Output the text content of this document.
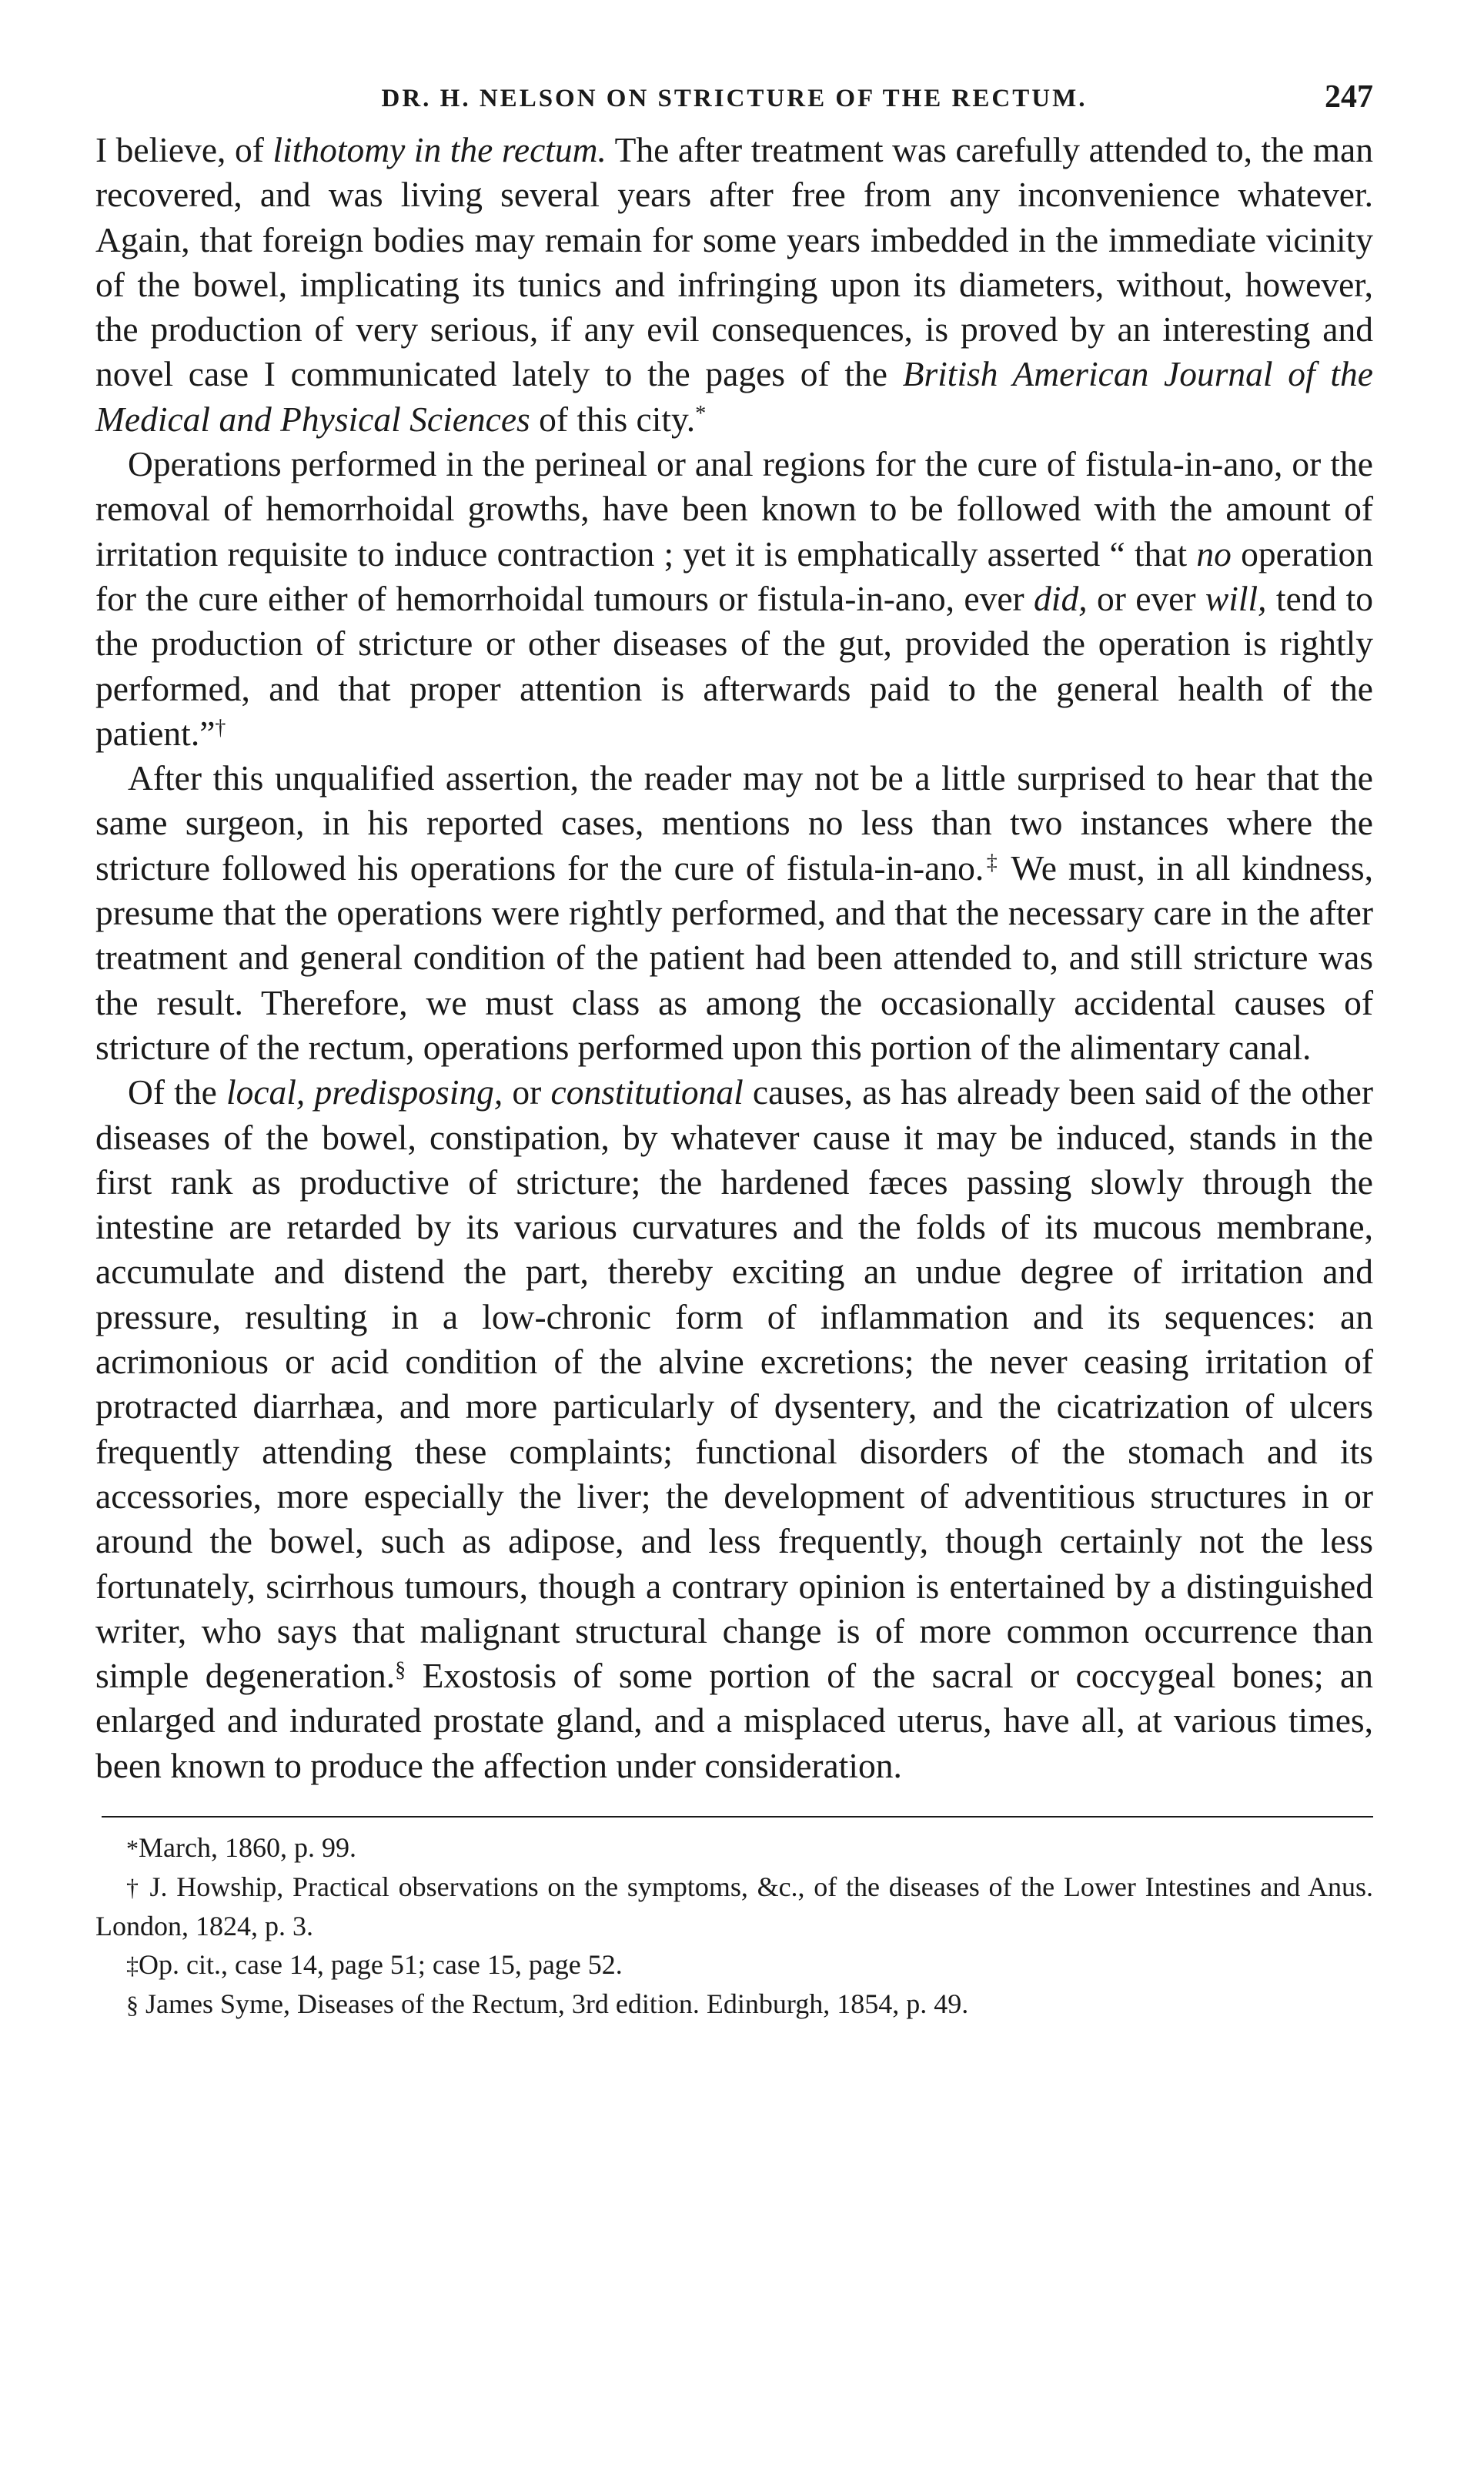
DR. H. NELSON ON STRICTURE OF THE RECTUM.	247

I believe, of lithotomy in the rectum. The after treatment was carefully attended to, the man recovered, and was living several years after free from any inconvenience whatever. Again, that foreign bodies may remain for some years imbedded in the immediate vicinity of the bowel, implicating its tunics and infringing upon its diameters, without, however, the production of very serious, if any evil consequences, is proved by an interesting and novel case I communicated lately to the pages of the British American Journal of the Medical and Physical Sciences of this city.*

Operations performed in the perineal or anal regions for the cure of fistula-in-ano, or the removal of hemorrhoidal growths, have been known to be followed with the amount of irritation requisite to induce contraction ; yet it is emphatically asserted “ that no operation for the cure either of hemorrhoidal tumours or fistula-in-ano, ever did, or ever will, tend to the production of stricture or other diseases of the gut, provided the operation is rightly performed, and that proper attention is afterwards paid to the general health of the patient.”†

After this unqualified assertion, the reader may not be a little surprised to hear that the same surgeon, in his reported cases, mentions no less than two instances where the stricture followed his operations for the cure of fistula-in-ano.‡ We must, in all kindness, presume that the operations were rightly performed, and that the necessary care in the after treatment and general condition of the patient had been attended to, and still stricture was the result. Therefore, we must class as among the occasionally accidental causes of stricture of the rectum, operations performed upon this portion of the alimentary canal.

Of the local, predisposing, or constitutional causes, as has already been said of the other diseases of the bowel, constipation, by whatever cause it may be induced, stands in the first rank as productive of stricture; the hardened fæces passing slowly through the intestine are retarded by its various curvatures and the folds of its mucous membrane, accumulate and distend the part, thereby exciting an undue degree of irritation and pressure, resulting in a low-chronic form of inflammation and its sequences: an acrimonious or acid condition of the alvine excretions; the never ceasing irritation of protracted diarrhæa, and more particularly of dysentery, and the cicatrization of ulcers frequently attending these complaints; functional disorders of the stomach and its accessories, more especially the liver; the development of adventitious structures in or around the bowel, such as adipose, and less frequently, though certainly not the less fortunately, scirrhous tumours, though a contrary opinion is entertained by a distinguished writer, who says that malignant structural change is of more common occurrence than simple degeneration.§ Exostosis of some portion of the sacral or coccygeal bones; an enlarged and indurated prostate gland, and a misplaced uterus, have all, at various times, been known to produce the affection under consideration.

*March, 1860, p. 99.

† J. Howship, Practical observations on the symptoms, &c., of the diseases of the Lower Intestines and Anus. London, 1824, p. 3.

‡Op. cit., case 14, page 51; case 15, page 52.

§ James Syme, Diseases of the Rectum, 3rd edition. Edinburgh, 1854, p. 49.
